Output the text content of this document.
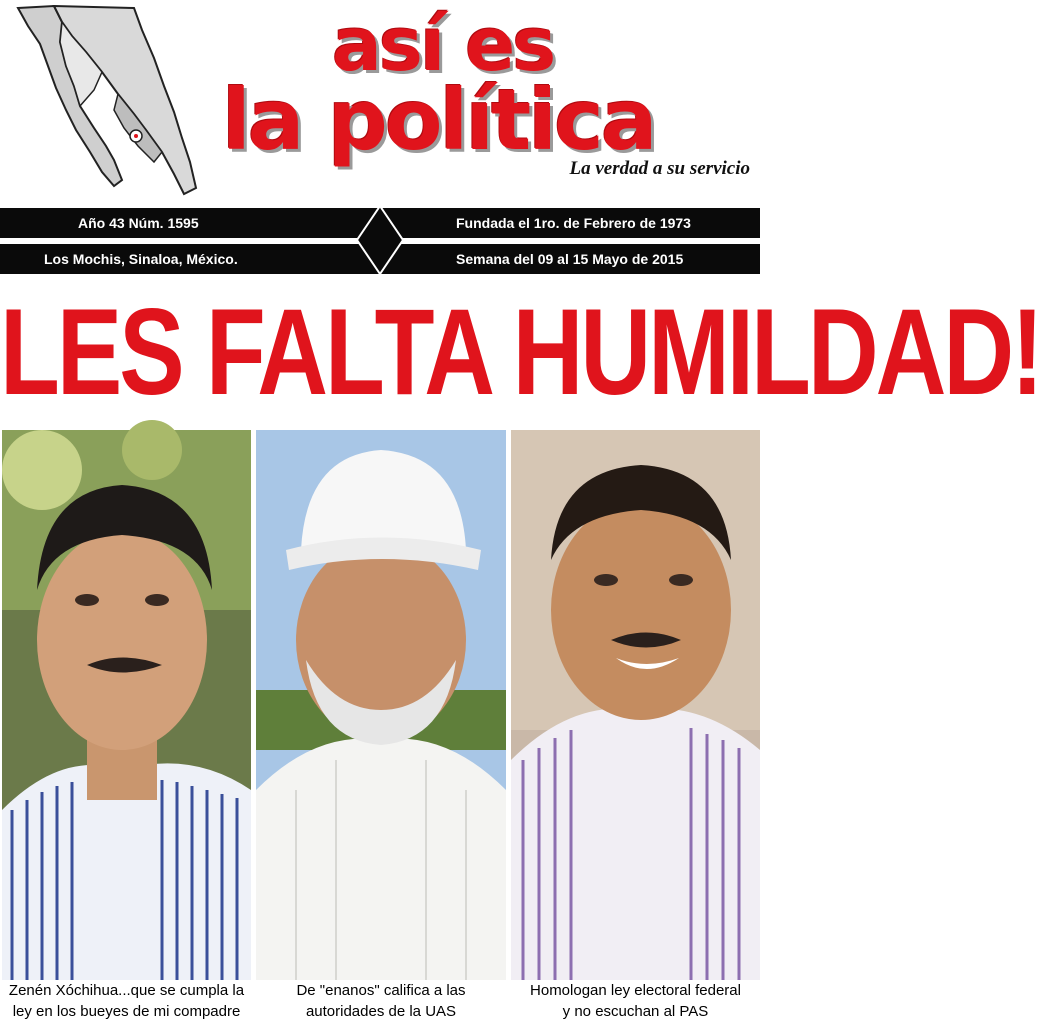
así es
la política
La verdad a su servicio
Año 43 Núm. 1595	Fundada el 1ro. de Febrero de 1973
Los Mochis, Sinaloa, México.	Semana del 09 al 15 Mayo de 2015
LES FALTA HUMILDAD!
Zenén Xóchihua...que se cumpla la
ley en los bueyes de mi compadre
De "enanos" califica a las
autoridades de la UAS
Homologan ley electoral federal
y no escuchan al PAS
